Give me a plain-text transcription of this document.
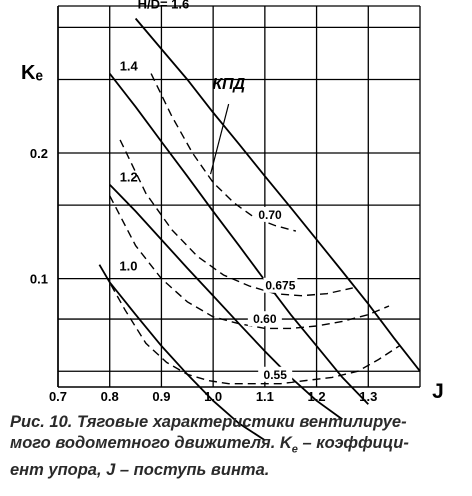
0.7	0.8	0.9	1.0	1.1	1.2	1.3
0.1
0.2
J
Kₑ
H/D= 1.6
1.4
1.2
1.0
0.70
0.675
0.60
0.55
КПД
Рис. 10. Тяговые характеристики вентилируе-
мого водометного движителя. $K_e$ – коэффици-
ент упора, J – поступь винта.
